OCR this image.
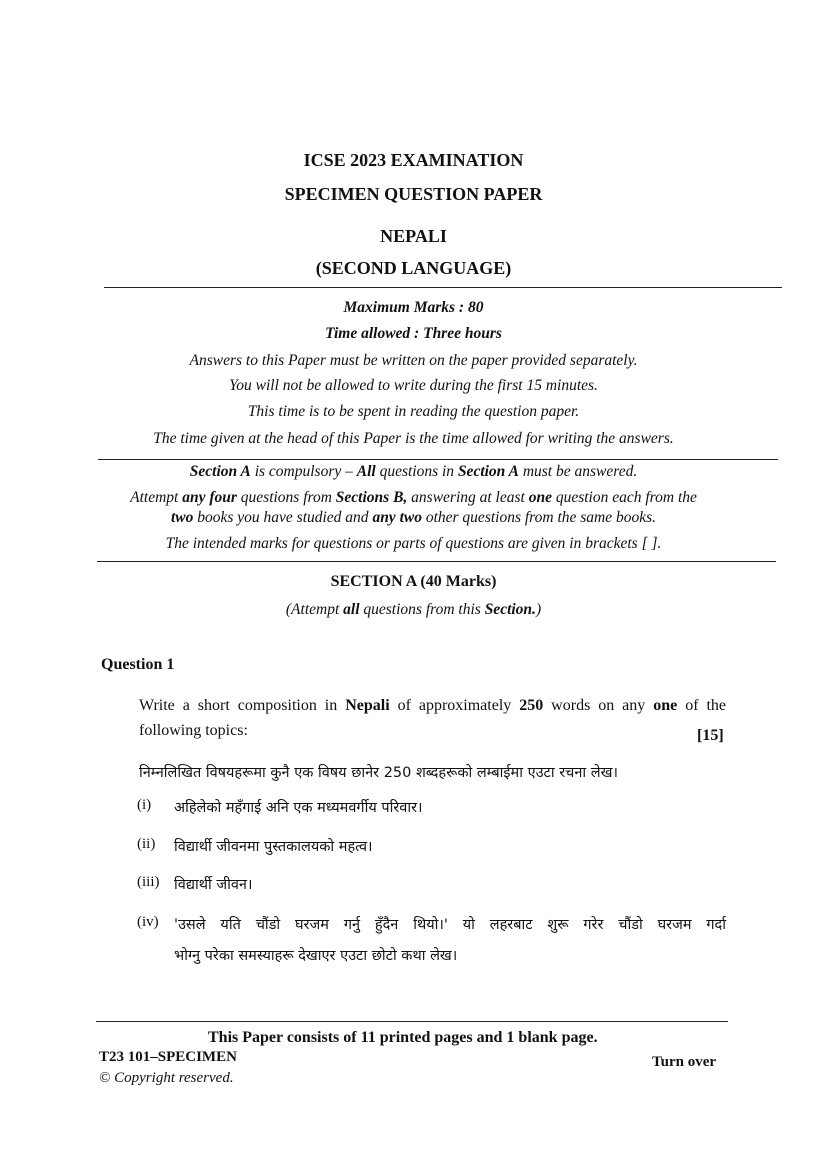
ICSE 2023 EXAMINATION
SPECIMEN QUESTION PAPER
NEPALI
(SECOND LANGUAGE)
Maximum Marks : 80
Time allowed : Three hours
Answers to this Paper must be written on the paper provided separately.
You will not be allowed to write during the first 15 minutes.
This time is to be spent in reading the question paper.
The time given at the head of this Paper is the time allowed for writing the answers.
Section A is compulsory – All questions in Section A must be answered.
Attempt any four questions from Sections B, answering at least one question each from the
two books you have studied and any two other questions from the same books.
The intended marks for questions or parts of questions are given in brackets [ ].
SECTION A (40 Marks)
(Attempt all questions from this Section.)
Question 1
Write a short composition in Nepali of approximately 250 words on any one of the
following topics:	[15]
निम्नलिखित विषयहरूमा कुनै एक विषय छानेर 250 शब्दहरूको लम्बाईमा एउटा रचना लेख।
(i) अहिलेको महँगाई अनि एक मध्यमवर्गीय परिवार।
(ii) विद्यार्थी जीवनमा पुस्तकालयको महत्व।
(iii) विद्यार्थी जीवन।
(iv) 'उसले यति चौंडो घरजम गर्नु हुँदैन थियो।' यो लहरबाट शुरू गरेर चौंडो घरजम गर्दा
भोग्नु परेका समस्याहरू देखाएर एउटा छोटो कथा लेख।
This Paper consists of 11 printed pages and 1 blank page.
T23 101–SPECIMEN
© Copyright reserved.
Turn over
